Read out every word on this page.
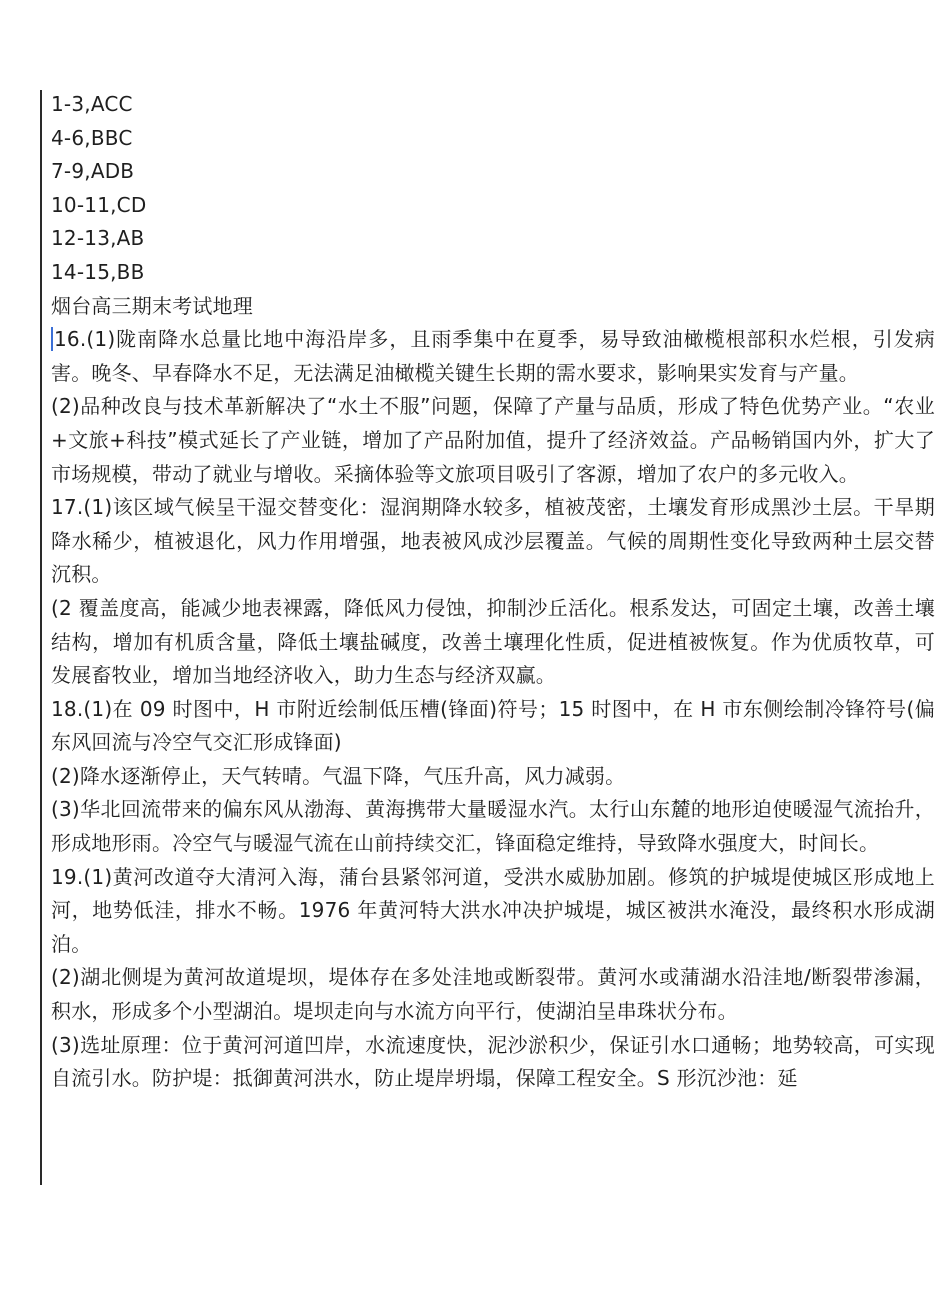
1-3,ACC
4-6,BBC
7-9,ADB
10-11,CD
12-13,AB
14-15,BB
烟台高三期末考试地理
16.(1)陇南降水总量比地中海沿岸多，且雨季集中在夏季，易导致油橄榄根部积水烂根，引发病害。晚冬、早春降水不足，无法满足油橄榄关键生长期的需水要求，影响果实发育与产量。
(2)品种改良与技术革新解决了“水土不服”问题，保障了产量与品质，形成了特色优势产业。“农业+文旅+科技”模式延长了产业链，增加了产品附加值，提升了经济效益。产品畅销国内外，扩大了市场规模，带动了就业与增收。采摘体验等文旅项目吸引了客源，增加了农户的多元收入。
17.(1)该区域气候呈干湿交替变化：湿润期降水较多，植被茂密，土壤发育形成黑沙土层。干旱期降水稀少，植被退化，风力作用增强，地表被风成沙层覆盖。气候的周期性变化导致两种土层交替沉积。
(2 覆盖度高，能减少地表裸露，降低风力侵蚀，抑制沙丘活化。根系发达，可固定土壤，改善土壤结构，增加有机质含量，降低土壤盐碱度，改善土壤理化性质，促进植被恢复。作为优质牧草，可发展畜牧业，增加当地经济收入，助力生态与经济双赢。
18.(1)在 09 时图中，H 市附近绘制低压槽(锋面)符号；15 时图中，在 H 市东侧绘制冷锋符号(偏东风回流与冷空气交汇形成锋面)
(2)降水逐渐停止，天气转晴。气温下降，气压升高，风力减弱。
(3)华北回流带来的偏东风从渤海、黄海携带大量暖湿水汽。太行山东麓的地形迫使暖湿气流抬升，形成地形雨。冷空气与暖湿气流在山前持续交汇，锋面稳定维持，导致降水强度大，时间长。
19.(1)黄河改道夺大清河入海，蒲台县紧邻河道，受洪水威胁加剧。修筑的护城堤使城区形成地上河，地势低洼，排水不畅。1976 年黄河特大洪水冲决护城堤，城区被洪水淹没，最终积水形成湖泊。
(2)湖北侧堤为黄河故道堤坝，堤体存在多处洼地或断裂带。黄河水或蒲湖水沿洼地/断裂带渗漏，积水，形成多个小型湖泊。堤坝走向与水流方向平行，使湖泊呈串珠状分布。
(3)选址原理：位于黄河河道凹岸，水流速度快，泥沙淤积少，保证引水口通畅；地势较高，可实现自流引水。防护堤：抵御黄河洪水，防止堤岸坍塌，保障工程安全。S 形沉沙池：延
